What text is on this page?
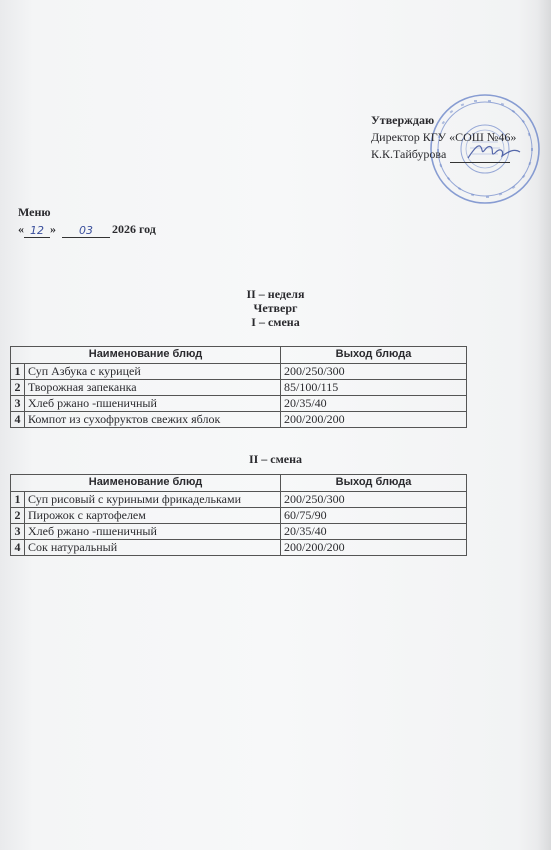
Утверждаю
Директор КГУ «СОШ №46»
К.К.Тайбурова
Меню
« 12 »	03	2026 год
II – неделя
Четверг
I – смена
Наименование блюд		Выход блюда
1	Суп Азбука с курицей	200/250/300
2	Творожная запеканка	85/100/115
3	Хлеб ржано -пшеничный	20/35/40
4	Компот из сухофруктов свежих яблок	200/200/200
II – смена
Наименование блюд		Выход блюда
1	Суп рисовый с куриными фрикадельками	200/250/300
2	Пирожок с картофелем	60/75/90
3	Хлеб ржано -пшеничный	20/35/40
4	Сок натуральный	200/200/200
